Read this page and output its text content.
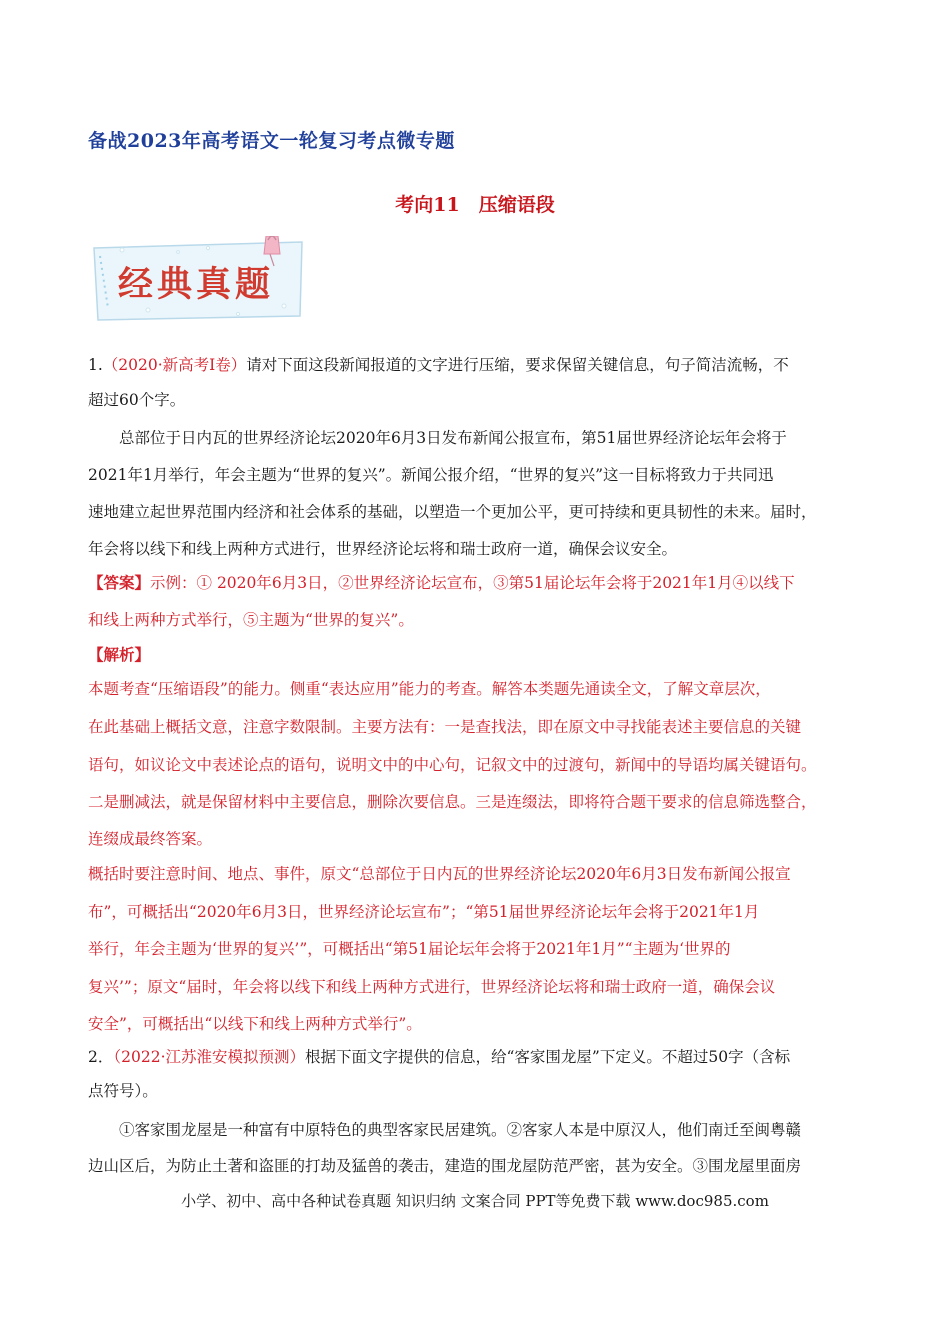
备战2023年高考语文一轮复习考点微专题
考向11　压缩语段
经典真题
1.（2020·新高考Ⅰ卷）请对下面这段新闻报道的文字进行压缩，要求保留关键信息，句子简洁流畅，不
超过60个字。
　　总部位于日内瓦的世界经济论坛2020年6月3日发布新闻公报宣布，第51届世界经济论坛年会将于
2021年1月举行，年会主题为“世界的复兴”。新闻公报介绍，“世界的复兴”这一目标将致力于共同迅
速地建立起世界范围内经济和社会体系的基础，以塑造一个更加公平，更可持续和更具韧性的未来。届时，
年会将以线下和线上两种方式进行，世界经济论坛将和瑞士政府一道，确保会议安全。
【答案】示例：① 2020年6月3日，②世界经济论坛宣布，③第51届论坛年会将于2021年1月④以线下
和线上两种方式举行，⑤主题为“世界的复兴”。
【解析】
本题考查“压缩语段”的能力。侧重“表达应用”能力的考查。解答本类题先通读全文，了解文章层次，
在此基础上概括文意，注意字数限制。主要方法有：一是查找法，即在原文中寻找能表述主要信息的关键
语句，如议论文中表述论点的语句，说明文中的中心句，记叙文中的过渡句，新闻中的导语均属关键语句。
二是删减法，就是保留材料中主要信息，删除次要信息。三是连缀法，即将符合题干要求的信息筛选整合，
连缀成最终答案。
概括时要注意时间、地点、事件，原文“总部位于日内瓦的世界经济论坛2020年6月3日发布新闻公报宣
布”，可概括出“2020年6月3日，世界经济论坛宣布”；“第51届世界经济论坛年会将于2021年1月
举行，年会主题为‘世界的复兴’”，可概括出“第51届论坛年会将于2021年1月”“主题为‘世界的
复兴’”；原文“届时，年会将以线下和线上两种方式进行，世界经济论坛将和瑞士政府一道，确保会议
安全”，可概括出“以线下和线上两种方式举行”。
2．（2022·江苏淮安模拟预测）根据下面文字提供的信息，给“客家围龙屋”下定义。不超过50字（含标
点符号）。
　　①客家围龙屋是一种富有中原特色的典型客家民居建筑。②客家人本是中原汉人，他们南迁至闽粤赣
边山区后，为防止土著和盗匪的打劫及猛兽的袭击，建造的围龙屋防范严密，甚为安全。③围龙屋里面房
小学、初中、高中各种试卷真题 知识归纳 文案合同 PPT等免费下载 www.doc985.com
